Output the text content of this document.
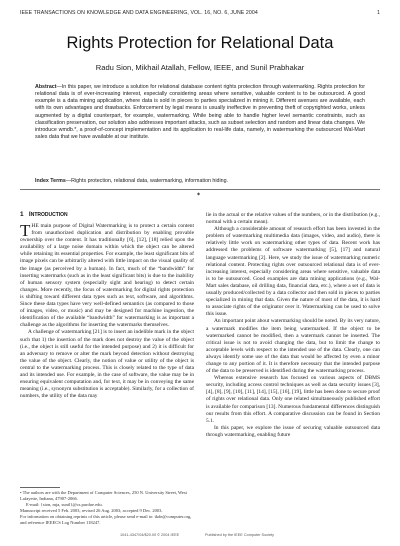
IEEE TRANSACTIONS ON KNOWLEDGE AND DATA ENGINEERING, VOL. 16, NO. 6, JUNE 2004	1
Rights Protection for Relational Data
Radu Sion, Mikhail Atallah, Fellow, IEEE, and Sunil Prabhakar
Abstract—In this paper, we introduce a solution for relational database content rights protection through watermarking. Rights protection for relational data is of ever-increasing interest, especially considering areas where sensitive, valuable content is to be outsourced. A good example is a data mining application, where data is sold in pieces to parties specialized in mining it. Different avenues are available, each with its own advantages and drawbacks. Enforcement by legal means is usually ineffective in preventing theft of copyrighted works, unless augmented by a digital counterpart, for example, watermarking. While being able to handle higher level semantic constraints, such as classification preservation, our solution also addresses important attacks, such as subset selection and random and linear data changes. We introduce wmdb.*, a proof-of-concept implementation and its application to real-life data, namely, in watermarking the outsourced Wal-Mart sales data that we have available at our institute.
Index Terms—Rights protection, relational data, watermarking, information hiding.
◆
1 Introduction

THE main purpose of Digital Watermarking is to protect a certain content from unauthorized duplication and distribution by enabling provable ownership over the content. It has traditionally [6], [12], [18] relied upon the availability of a large noise domain within which the object can be altered while retaining its essential properties. For example, the least significant bits of image pixels can be arbitrarily altered with little impact on the visual quality of the image (as perceived by a human). In fact, much of the “bandwidth” for inserting watermarks (such as in the least significant bits) is due to the inability of human sensory system (especially sight and hearing) to detect certain changes. More recently, the focus of watermarking for digital rights protection is shifting toward different data types such as text, software, and algorithms. Since these data types have very well-defined semantics (as compared to those of images, video, or music) and may be designed for machine ingestion, the identification of the available “bandwidth” for watermarking is as important a challenge as the algorithms for inserting the watermarks themselves.

A challenge of watermarking [21] is to insert an indelible mark in the object such that 1) the insertion of the mark does not destroy the value of the object (i.e., the object is still useful for the intended purpose) and 2) it is difficult for an adversary to remove or alter the mark beyond detection without destroying the value of the object. Clearly, the notion of value or utility of the object is central to the watermarking process. This is closely related to the type of data and its intended use. For example, in the case of software, the value may be in ensuring equivalent computation and, for text, it may be in conveying the same meaning (i.e., synonym substitution is acceptable). Similarly, for a collection of numbers, the utility of the data may

• The authors are with the Department of Computer Sciences, 250 N. University Street, West Lafayette, Indiana, 47907-2066.

E-mail: {sion, mja, sunil}@cs.purdue.edu.

Manuscript received 5 Feb. 2003; revised 26 Aug. 2003; accepted 9 Dec. 2003.

For information on obtaining reprints of this article, please send e-mail to: tkde@computer.org, and reference IEEECS Log Number 118247.

lie in the actual or the relative values of the numbers, or in the distribution (e.g., normal with a certain mean).

Although a considerable amount of research effort has been invested in the problem of watermarking multimedia data (images, video, and audio), there is relatively little work on watermarking other types of data. Recent work has addressed the problems of software watermarking [5], [17] and natural language watermarking [2]. Here, we study the issue of watermarking numeric relational content. Protecting rights over outsourced relational data is of ever-increasing interest, especially considering areas where sensitive, valuable data is to be outsourced. Good examples are data mining applications (e.g., Wal-Mart sales database, oil drilling data, financial data, etc.), where a set of data is usually produced/collected by a data collector and then sold in pieces to parties specialized in mining that data. Given the nature of most of the data, it is hard to associate rights of the originator over it. Watermarking can be used to solve this issue.

An important point about watermarking should be noted. By its very nature, a watermark modifies the item being watermarked. If the object to be watermarked cannot be modified, then a watermark cannot be inserted. The critical issue is not to avoid changing the data, but to limit the change to acceptable levels with respect to the intended use of the data. Clearly, one can always identify some use of the data that would be affected by even a minor change to any portion of it. It is therefore necessary that the intended purpose of the data to be preserved is identified during the watermarking process.

Whereas extensive research has focused on various aspects of DBMS security, including access control techniques as well as data security issues [3], [4], [8], [9], [10], [11], [14], [15], [16], [19], little has been done to secure proof of rights over relational data. Only one related simultaneously published effort is available for comparison [13]. Numerous fundamental differences distinguish our results from this effort. A comparative discussion can be found in Section 5.1.

In this paper, we explore the issue of securing valuable outsourced data through watermarking, enabling future

1041-4347/04/$20.00 © 2004 IEEE	Published by the IEEE Computer Society
